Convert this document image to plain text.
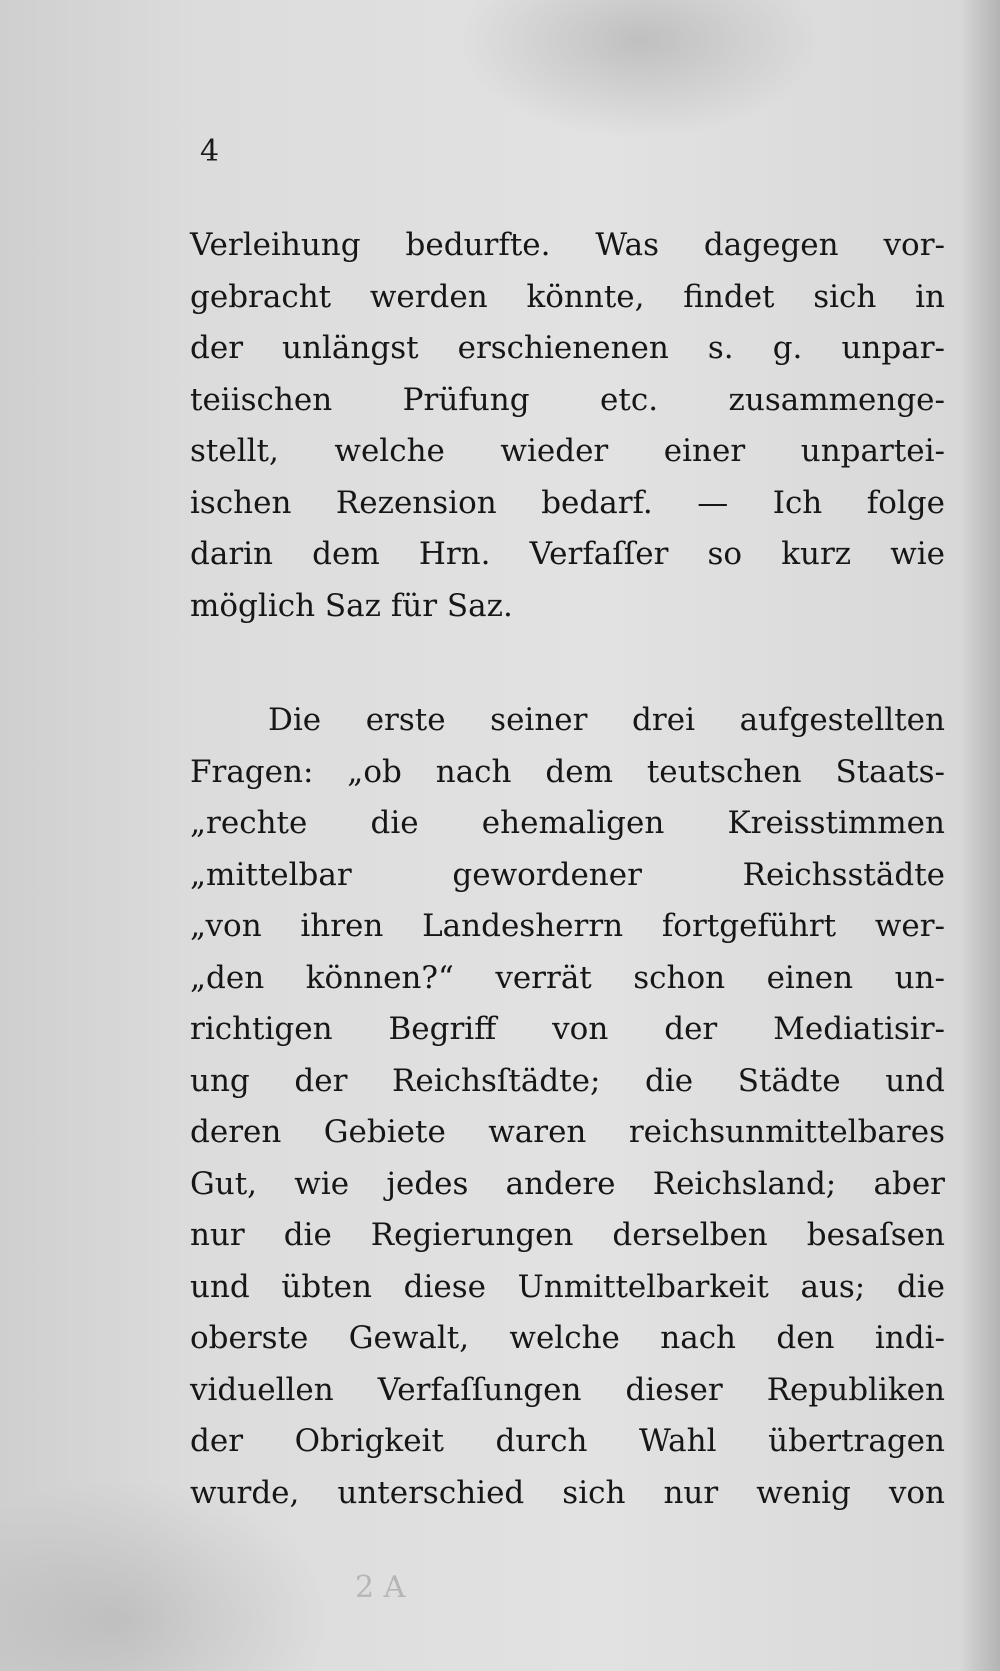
4
Verleihung bedurfte. Was dagegen vor-
gebracht werden könnte, findet sich in
der unlängst erschienenen s. g. unpar-
teiischen Prüfung etc. zusammenge-
stellt, welche wieder einer unpartei-
ischen Rezension bedarf. — Ich folge
darin dem Hrn. Verfaſſer so kurz wie
möglich Saz für Saz.
Die erste seiner drei aufgestellten
Fragen: „ob nach dem teutschen Staats-
„rechte die ehemaligen Kreisstimmen
„mittelbar gewordener Reichsstädte
„von ihren Landesherrn fortgeführt wer-
„den können?“ verrät schon einen un-
richtigen Begriff von der Mediatisir-
ung der Reichsſtädte; die Städte und
deren Gebiete waren reichsunmittelbares
Gut, wie jedes andere Reichsland; aber
nur die Regierungen derselben besaſsen
und übten diese Unmittelbarkeit aus; die
oberste Gewalt, welche nach den indi-
viduellen Verfaſſungen dieser Republiken
der Obrigkeit durch Wahl übertragen
wurde, unterschied sich nur wenig von
2 A
